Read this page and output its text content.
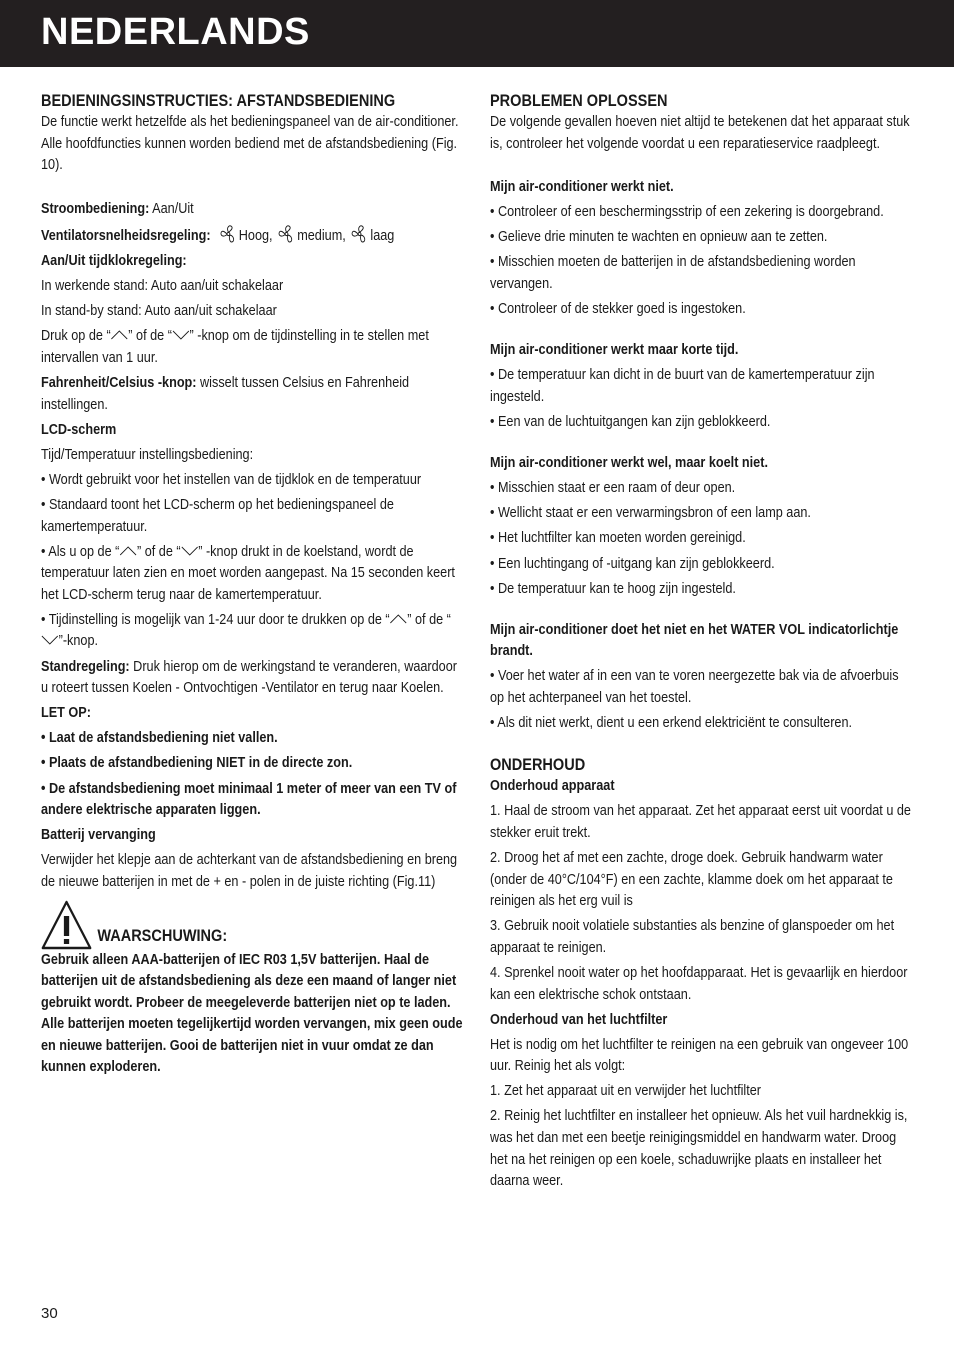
NEDERLANDS

BEDIENINGSINSTRUCTIES: AFSTANDSBEDIENING

De functie werkt hetzelfde als het bedieningspaneel van de air-conditioner. Alle hoofdfuncties kunnen worden bediend met de afstandsbediening (Fig. 10).

Stroombediening: Aan/Uit

Ventilatorsnelheidsregeling: Hoog, medium, laag

Aan/Uit tijdklokregeling:

In werkende stand: Auto aan/uit schakelaar

In stand-by stand: Auto aan/uit schakelaar

Druk op de “ ” of de “ ” -knop om de tijdinstelling in te stellen met intervallen van 1 uur.

Fahrenheit/Celsius -knop: wisselt tussen Celsius en Fahrenheid instellingen.

LCD-scherm

Tijd/Temperatuur instellingsbediening:

• Wordt gebruikt voor het instellen van de tijdklok en de temperatuur

• Standaard toont het LCD-scherm op het bedieningspaneel de kamertemperatuur.

• Als u op de “ ” of de “ ” -knop drukt in de koelstand, wordt de temperatuur laten zien en moet worden aangepast. Na 15 seconden keert het LCD-scherm terug naar de kamertemperatuur.

• Tijdinstelling is mogelijk van 1-24 uur door te drukken op de “ ” of de “”-knop.

Standregeling: Druk hierop om de werkingstand te veranderen, waardoor u roteert tussen Koelen - Ontvochtigen -Ventilator en terug naar Koelen.

LET OP:

• Laat de afstandsbediening niet vallen.

• Plaats de afstandbediening NIET in de directe zon.

• De afstandsbediening moet minimaal 1 meter of meer van een TV of andere elektrische apparaten liggen.

Batterij vervanging

Verwijder het klepje aan de achterkant van de afstandsbediening en breng de nieuwe batterijen in met de + en - polen in de juiste richting (Fig.11)

WAARSCHUWING:

Gebruik alleen AAA-batterijen of IEC R03 1,5V batterijen. Haal de batterijen uit de afstandsbediening als deze een maand of langer niet gebruikt wordt. Probeer de meegeleverde batterijen niet op te laden. Alle batterijen moeten tegelijkertijd worden vervangen, mix geen oude en nieuwe batterijen. Gooi de batterijen niet in vuur omdat ze dan kunnen exploderen.

PROBLEMEN OPLOSSEN

De volgende gevallen hoeven niet altijd te betekenen dat het apparaat stuk is, controleer het volgende voordat u een reparatieservice raadpleegt.

Mijn air-conditioner werkt niet.

• Controleer of een beschermingsstrip of een zekering is doorgebrand.

• Gelieve drie minuten te wachten en opnieuw aan te zetten.

• Misschien moeten de batterijen in de afstandsbediening worden vervangen.

• Controleer of de stekker goed is ingestoken.

Mijn air-conditioner werkt maar korte tijd.

• De temperatuur kan dicht in de buurt van de kamertemperatuur zijn ingesteld.

• Een van de luchtuitgangen kan zijn geblokkeerd.

Mijn air-conditioner werkt wel, maar koelt niet.

• Misschien staat er een raam of deur open.

• Wellicht staat er een verwarmingsbron of een lamp aan.

• Het luchtfilter kan moeten worden gereinigd.

• Een luchtingang of -uitgang kan zijn geblokkeerd.

• De temperatuur kan te hoog zijn ingesteld.

Mijn air-conditioner doet het niet en het WATER VOL indicatorlichtje brandt.

• Voer het water af in een van te voren neergezette bak via de afvoerbuis op het achterpaneel van het toestel.

• Als dit niet werkt, dient u een erkend elektriciënt te consulteren.

ONDERHOUD

Onderhoud apparaat

1. Haal de stroom van het apparaat. Zet het apparaat eerst uit voordat u de stekker eruit trekt.

2. Droog het af met een zachte, droge doek. Gebruik handwarm water (onder de 40°C/104°F) en een zachte, klamme doek om het apparaat te reinigen als het erg vuil is

3. Gebruik nooit volatiele substanties als benzine of glanspoeder om het apparaat te reinigen.

4. Sprenkel nooit water op het hoofdapparaat. Het is gevaarlijk en hierdoor kan een elektrische schok ontstaan.

Onderhoud van het luchtfilter

Het is nodig om het luchtfilter te reinigen na een gebruik van ongeveer 100 uur. Reinig het als volgt:

1. Zet het apparaat uit en verwijder het luchtfilter

2. Reinig het luchtfilter en installeer het opnieuw. Als het vuil hardnekkig is, was het dan met een beetje reinigingsmiddel en handwarm water. Droog het na het reinigen op een koele, schaduwrijke plaats en installeer het daarna weer.

30
